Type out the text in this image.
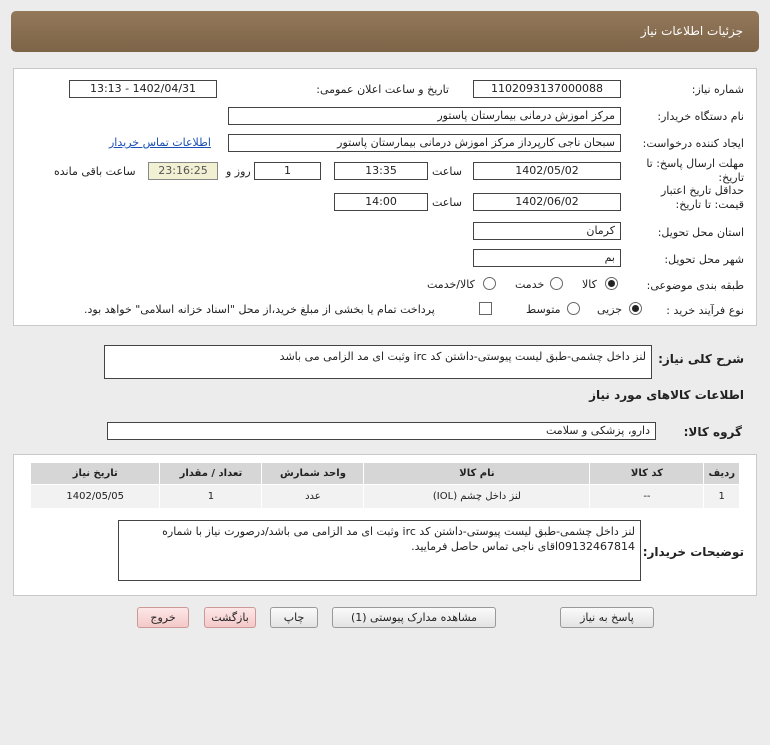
جزئیات اطلاعات نیاز
شماره نیاز:
1102093137000088
تاریخ و ساعت اعلان عمومی:
1402/04/31 - 13:13
نام دستگاه خریدار:
مرکز اموزش درمانی بیمارستان پاستور
ایجاد کننده درخواست:
سبحان ناجی کارپرداز مرکز اموزش درمانی بیمارستان پاستور
اطلاعات تماس خریدار
مهلت ارسال پاسخ: تا تاریخ:
1402/05/02
ساعت
13:35
1
روز و
23:16:25
ساعت باقی مانده
حداقل تاریخ اعتبار قیمت: تا تاریخ:
1402/06/02
ساعت
14:00
استان محل تحویل:
کرمان
شهر محل تحویل:
بم
طبقه بندی موضوعی:
کالا
خدمت
کالا/خدمت
نوع فرآیند خرید :
جزیی
متوسط
پرداخت تمام یا بخشی از مبلغ خرید،از محل "اسناد خزانه اسلامی" خواهد بود.
شرح کلی نیاز:
لنز داخل چشمی-طبق لیست پیوستی-داشتن کد irc وثبت ای مد الزامی می باشد
اطلاعات کالاهای مورد نیاز
گروه کالا:
دارو، پزشکی و سلامت
ردیف	کد کالا	نام کالا	واحد شمارش	تعداد / مقدار	تاریخ نیاز
1	--	لنز داخل چشم (IOL)	عدد	1	1402/05/05
توضیحات خریدار:
لنز داخل چشمی-طبق لیست پیوستی-داشتن کد irc وثبت ای مد الزامی می باشد/درصورت نیاز با شماره 09132467814اقای ناجی تماس حاصل فرمایید.
پاسخ به نیاز
مشاهده مدارک پیوستی (1)
چاپ
بازگشت
خروج
